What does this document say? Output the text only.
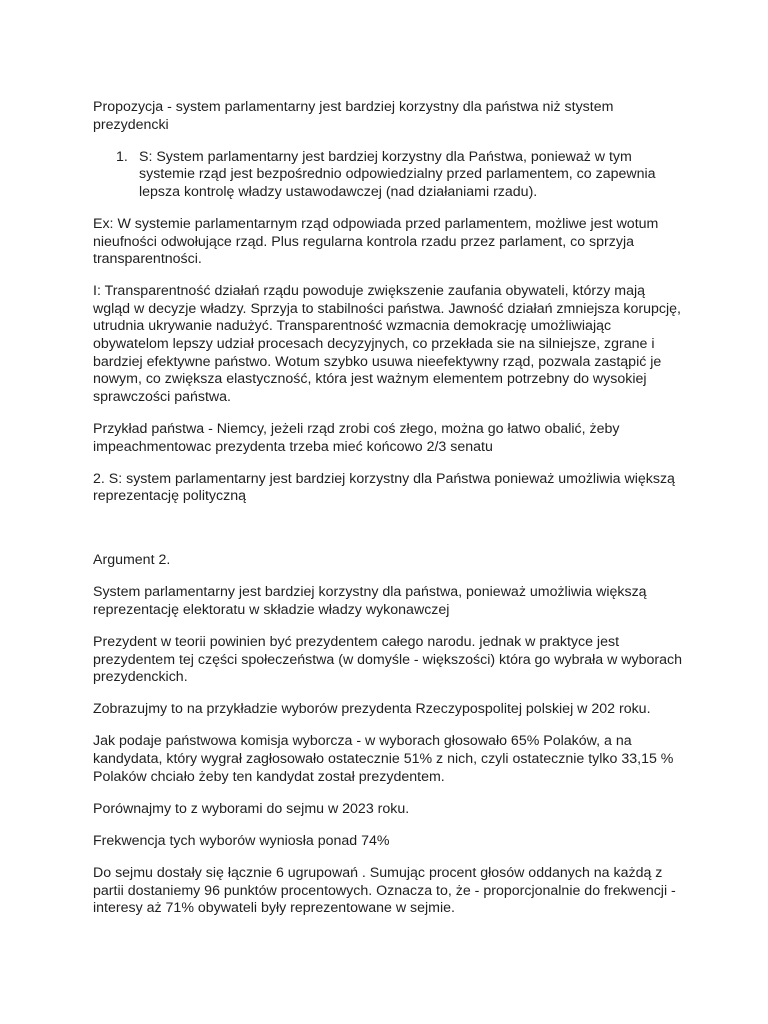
Propozycja - system parlamentarny jest bardziej korzystny dla państwa niż stystem prezydencki

1. S: System parlamentarny jest bardziej korzystny dla Państwa, ponieważ w tym systemie rząd jest bezpośrednio odpowiedzialny przed parlamentem, co zapewnia lepsza kontrolę władzy ustawodawczej (nad działaniami rzadu).

Ex: W systemie parlamentarnym rząd odpowiada przed parlamentem, możliwe jest wotum nieufności odwołujące rząd. Plus regularna kontrola rzadu przez parlament, co sprzyja transparentności.

I: Transparentność działań rządu powoduje zwiększenie zaufania obywateli, którzy mają wgląd w decyzje władzy. Sprzyja to stabilności państwa. Jawność działań zmniejsza korupcję, utrudnia ukrywanie nadużyć. Transparentność wzmacnia demokrację umożliwiając obywatelom lepszy udział procesach decyzyjnych, co przekłada sie na silniejsze, zgrane i bardziej efektywne państwo. Wotum szybko usuwa nieefektywny rząd, pozwala zastąpić je nowym, co zwiększa elastyczność, która jest ważnym elementem potrzebny do wysokiej sprawczości państwa.

Przykład państwa - Niemcy, jeżeli rząd zrobi coś złego, można go łatwo obalić, żeby impeachmentowac prezydenta trzeba mieć końcowo 2/3 senatu

2. S: system parlamentarny jest bardziej korzystny dla Państwa ponieważ umożliwia większą reprezentację polityczną

Argument 2.

System parlamentarny jest bardziej korzystny dla państwa, ponieważ umożliwia większą reprezentację elektoratu w składzie władzy wykonawczej

Prezydent w teorii powinien być prezydentem całego narodu. jednak w praktyce jest prezydentem tej części społeczeństwa (w domyśle - większości) która go wybrała w wyborach prezydenckich.

Zobrazujmy to na przykładzie wyborów prezydenta Rzeczypospolitej polskiej w 202 roku.

Jak podaje państwowa komisja wyborcza - w wyborach głosowało 65% Polaków, a na kandydata, który wygrał zagłosowało ostatecznie 51% z nich, czyli ostatecznie tylko 33,15 % Polaków chciało żeby ten kandydat został prezydentem.

Porównajmy to z wyborami do sejmu w 2023 roku.

Frekwencja tych wyborów wyniosła ponad 74%

Do sejmu dostały się łącznie 6 ugrupowań . Sumując procent głosów oddanych na każdą z partii dostaniemy 96 punktów procentowych. Oznacza to, że - proporcjonalnie do frekwencji - interesy aż 71% obywateli były reprezentowane w sejmie.
